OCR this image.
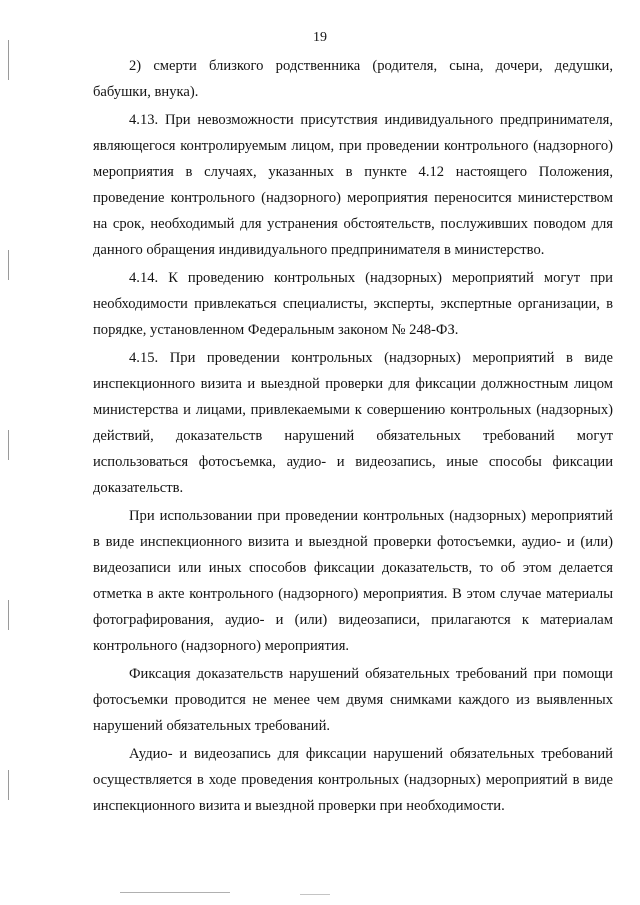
19

2) смерти близкого родственника (родителя, сына, дочери, дедушки, бабушки, внука).

4.13. При невозможности присутствия индивидуального предпринимателя, являющегося контролируемым лицом, при проведении контрольного (надзорного) мероприятия в случаях, указанных в пункте 4.12 настоящего Положения, проведение контрольного (надзорного) мероприятия переносится министерством на срок, необходимый для устранения обстоятельств, послуживших поводом для данного обращения индивидуального предпринимателя в министерство.

4.14. К проведению контрольных (надзорных) мероприятий могут при необходимости привлекаться специалисты, эксперты, экспертные организации, в порядке, установленном Федеральным законом № 248-ФЗ.

4.15. При проведении контрольных (надзорных) мероприятий в виде инспекционного визита и выездной проверки для фиксации должностным лицом министерства и лицами, привлекаемыми к совершению контрольных (надзорных) действий, доказательств нарушений обязательных требований могут использоваться фотосъемка, аудио- и видеозапись, иные способы фиксации доказательств.

При использовании при проведении контрольных (надзорных) мероприятий в виде инспекционного визита и выездной проверки фотосъемки, аудио- и (или) видеозаписи или иных способов фиксации доказательств, то об этом делается отметка в акте контрольного (надзорного) мероприятия. В этом случае материалы фотографирования, аудио- и (или) видеозаписи, прилагаются к материалам контрольного (надзорного) мероприятия.

Фиксация доказательств нарушений обязательных требований при помощи фотосъемки проводится не менее чем двумя снимками каждого из выявленных нарушений обязательных требований.

Аудио- и видеозапись для фиксации нарушений обязательных требований осуществляется в ходе проведения контрольных (надзорных) мероприятий в виде инспекционного визита и выездной проверки при необходимости.
